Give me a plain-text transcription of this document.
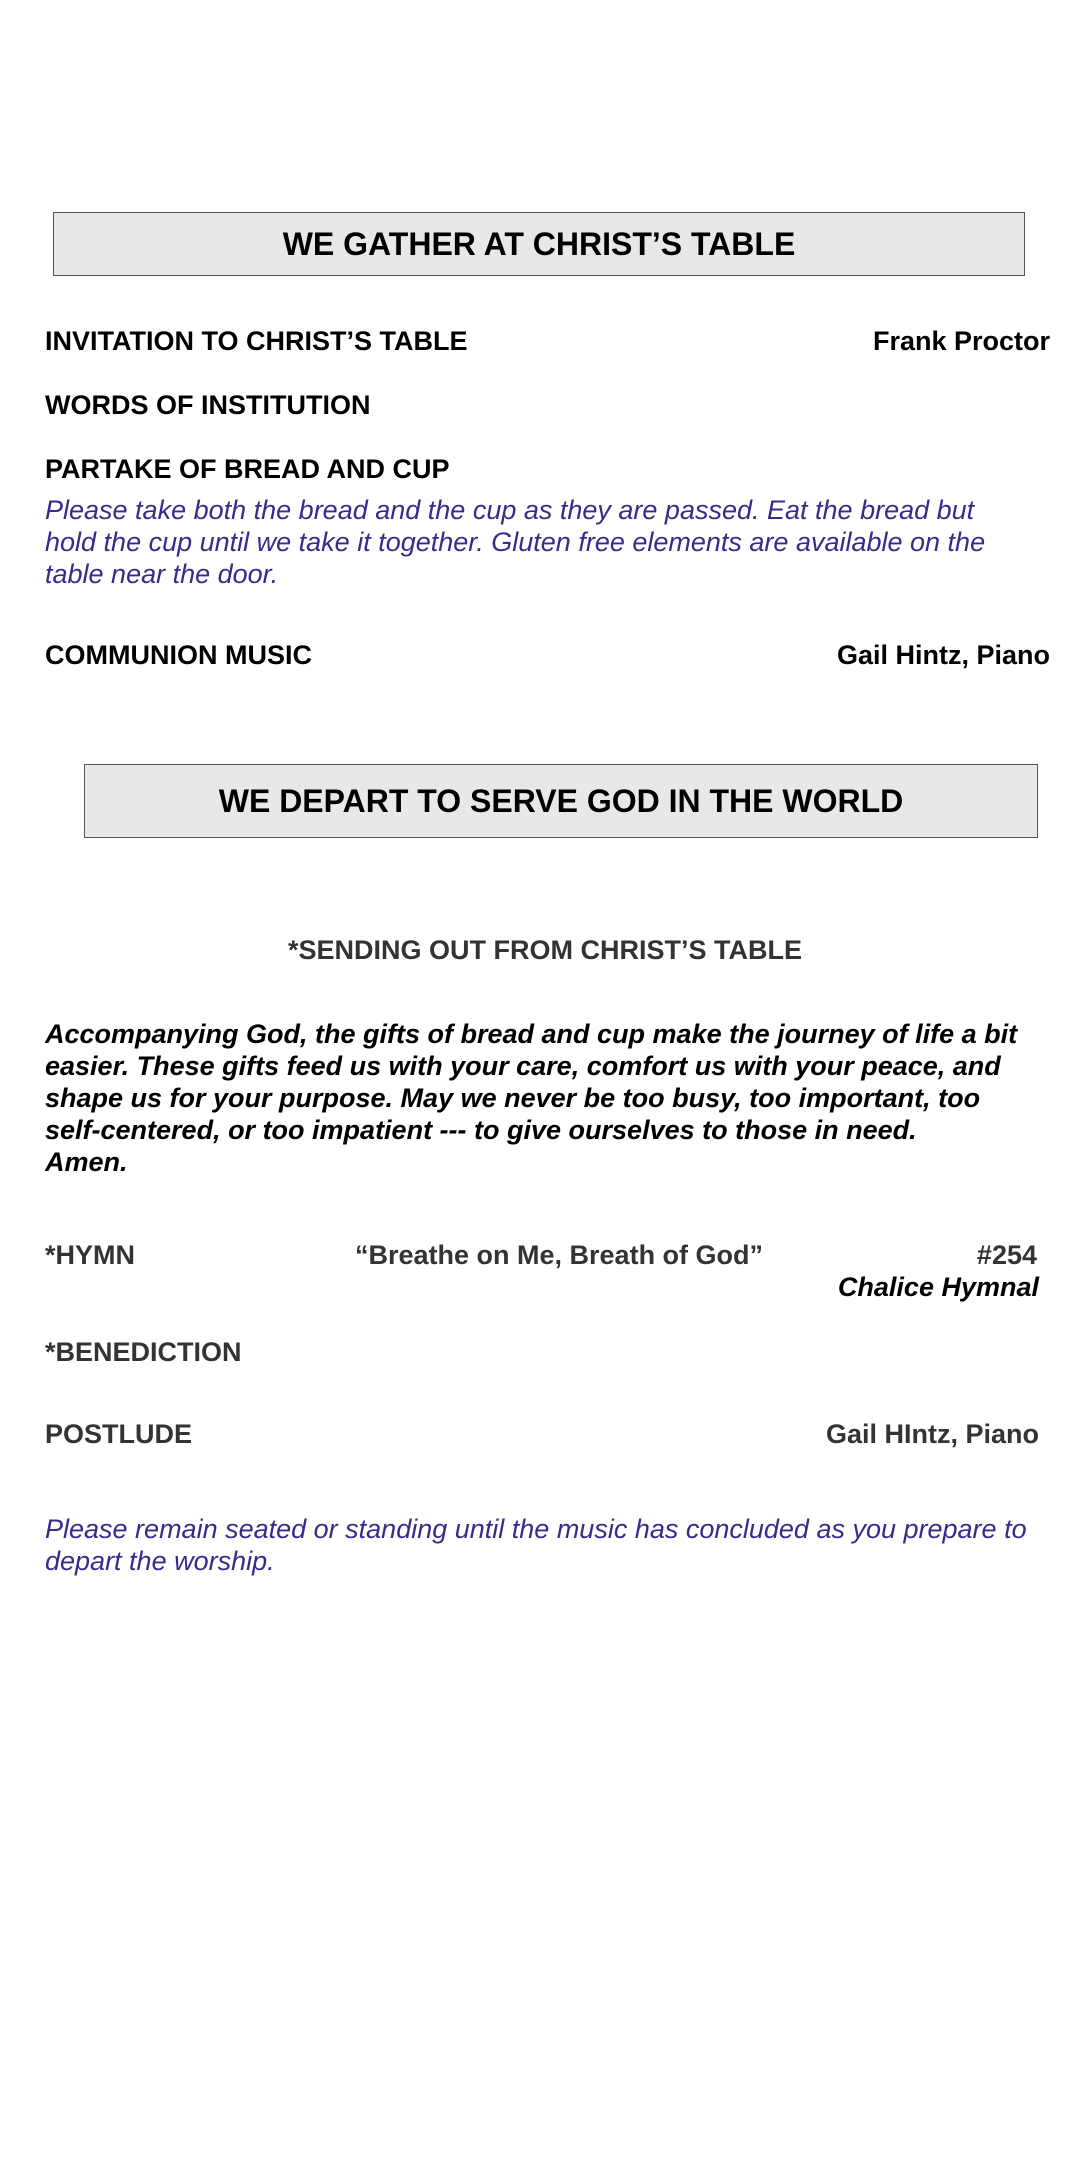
WE GATHER AT CHRIST’S TABLE
INVITATION TO CHRIST’S TABLE	Frank Proctor
WORDS OF INSTITUTION
PARTAKE OF BREAD AND CUP
Please take both the bread and the cup as they are passed. Eat the bread but
hold the cup until we take it together. Gluten free elements are available on the
table near the door.
COMMUNION MUSIC	Gail Hintz, Piano
WE DEPART TO SERVE GOD IN THE WORLD
*SENDING OUT FROM CHRIST’S TABLE
Accompanying God, the gifts of bread and cup make the journey of life a bit
easier. These gifts feed us with your care, comfort us with your peace, and
shape us for your purpose. May we never be too busy, too important, too
self-centered, or too impatient --- to give ourselves to those in need.
Amen.
*HYMN	“Breathe on Me, Breath of God”	#254
Chalice Hymnal
*BENEDICTION
POSTLUDE	Gail HIntz, Piano
Please remain seated or standing until the music has concluded as you prepare to
depart the worship.
